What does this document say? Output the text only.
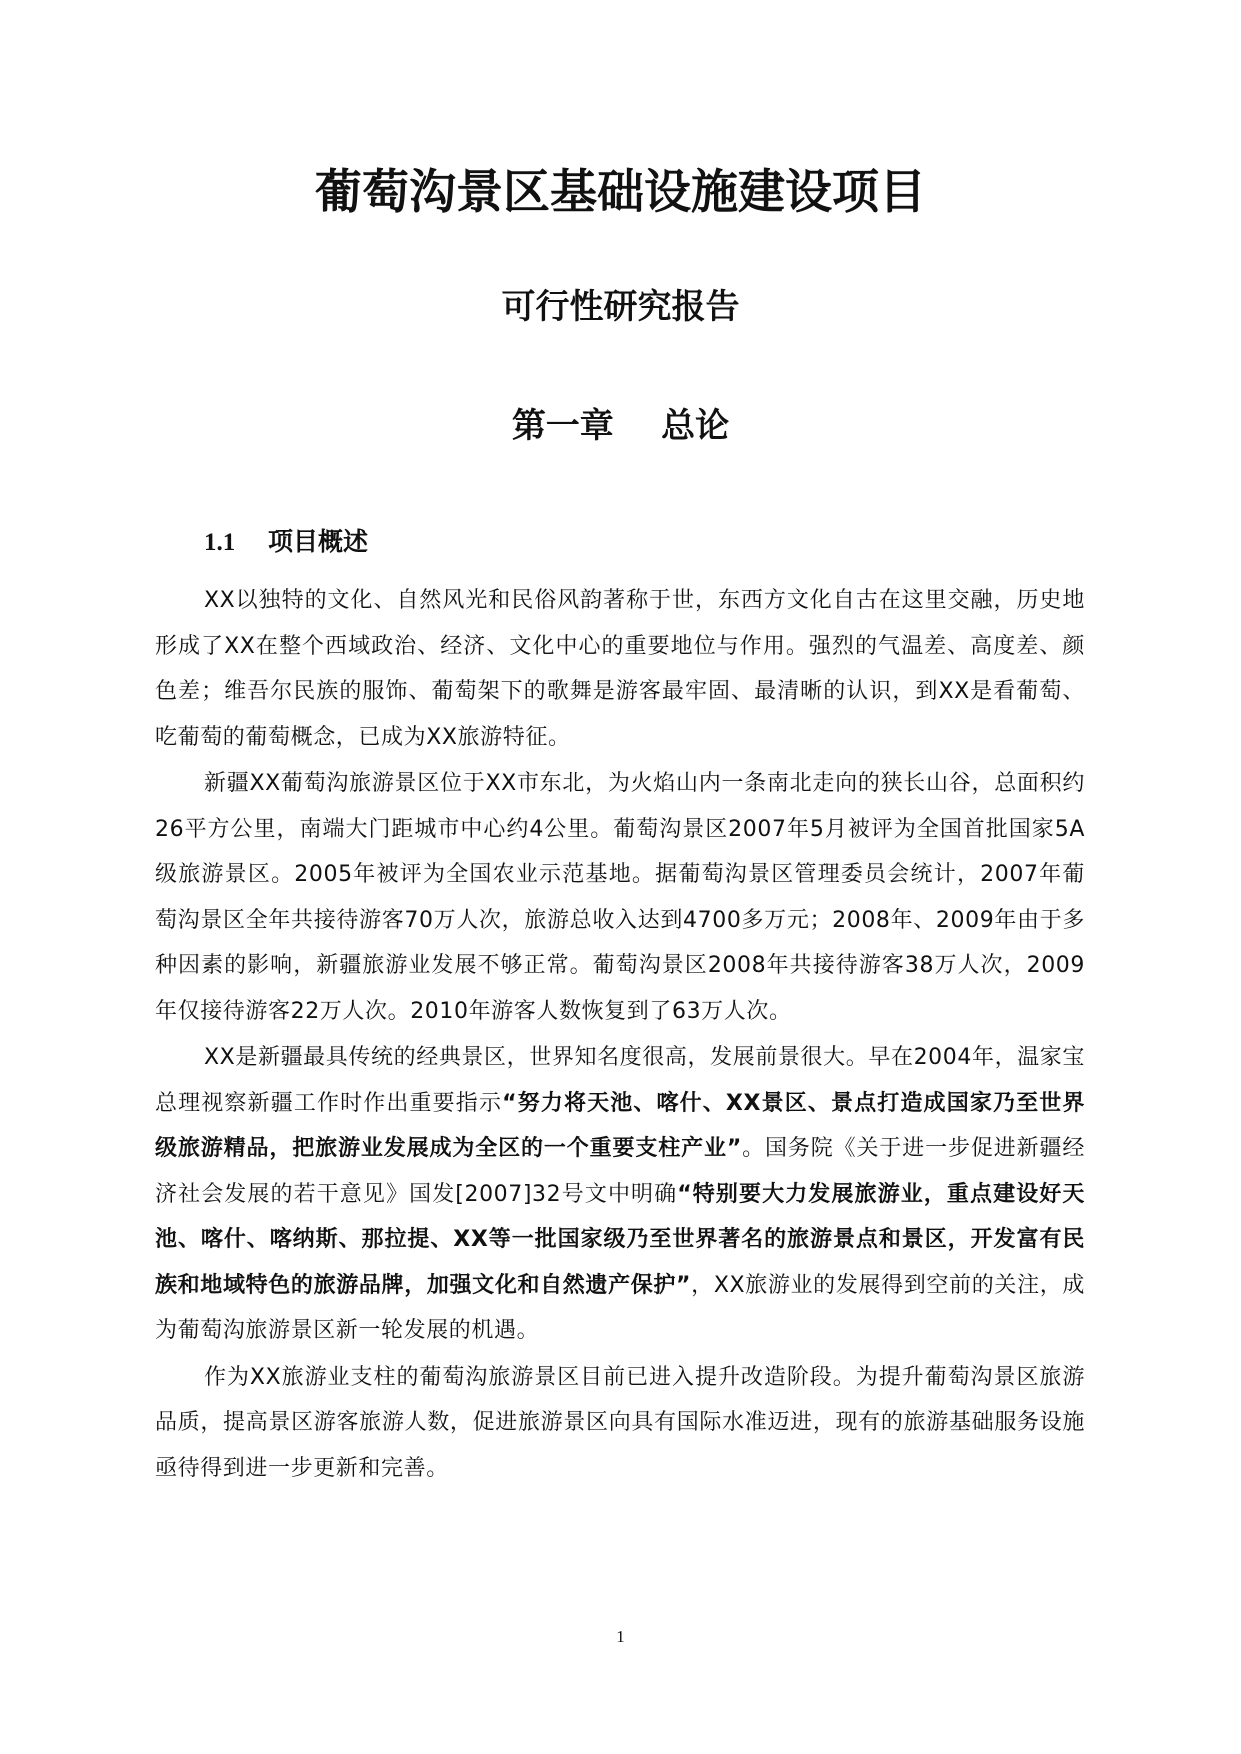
葡萄沟景区基础设施建设项目
可行性研究报告
第一章    总论
1.1 项目概述

XX以独特的文化、自然风光和民俗风韵著称于世，东西方文化自古在这里交融，历史地形成了XX在整个西域政治、经济、文化中心的重要地位与作用。强烈的气温差、高度差、颜色差；维吾尔民族的服饰、葡萄架下的歌舞是游客最牢固、最清晰的认识，到XX是看葡萄、吃葡萄的葡萄概念，已成为XX旅游特征。

新疆XX葡萄沟旅游景区位于XX市东北，为火焰山内一条南北走向的狭长山谷，总面积约26平方公里，南端大门距城市中心约4公里。葡萄沟景区2007年5月被评为全国首批国家5A级旅游景区。2005年被评为全国农业示范基地。据葡萄沟景区管理委员会统计，2007年葡萄沟景区全年共接待游客70万人次，旅游总收入达到4700多万元；2008年、2009年由于多种因素的影响，新疆旅游业发展不够正常。葡萄沟景区2008年共接待游客38万人次，2009年仅接待游客22万人次。2010年游客人数恢复到了63万人次。

XX是新疆最具传统的经典景区，世界知名度很高，发展前景很大。早在2004年，温家宝总理视察新疆工作时作出重要指示“努力将天池、喀什、XX景区、景点打造成国家乃至世界级旅游精品，把旅游业发展成为全区的一个重要支柱产业”。国务院《关于进一步促进新疆经济社会发展的若干意见》国发[2007]32号文中明确“特别要大力发展旅游业，重点建设好天池、喀什、喀纳斯、那拉提、XX等一批国家级乃至世界著名的旅游景点和景区，开发富有民族和地域特色的旅游品牌，加强文化和自然遗产保护”，XX旅游业的发展得到空前的关注，成为葡萄沟旅游景区新一轮发展的机遇。

作为XX旅游业支柱的葡萄沟旅游景区目前已进入提升改造阶段。为提升葡萄沟景区旅游品质，提高景区游客旅游人数，促进旅游景区向具有国际水准迈进，现有的旅游基础服务设施亟待得到进一步更新和完善。

1
